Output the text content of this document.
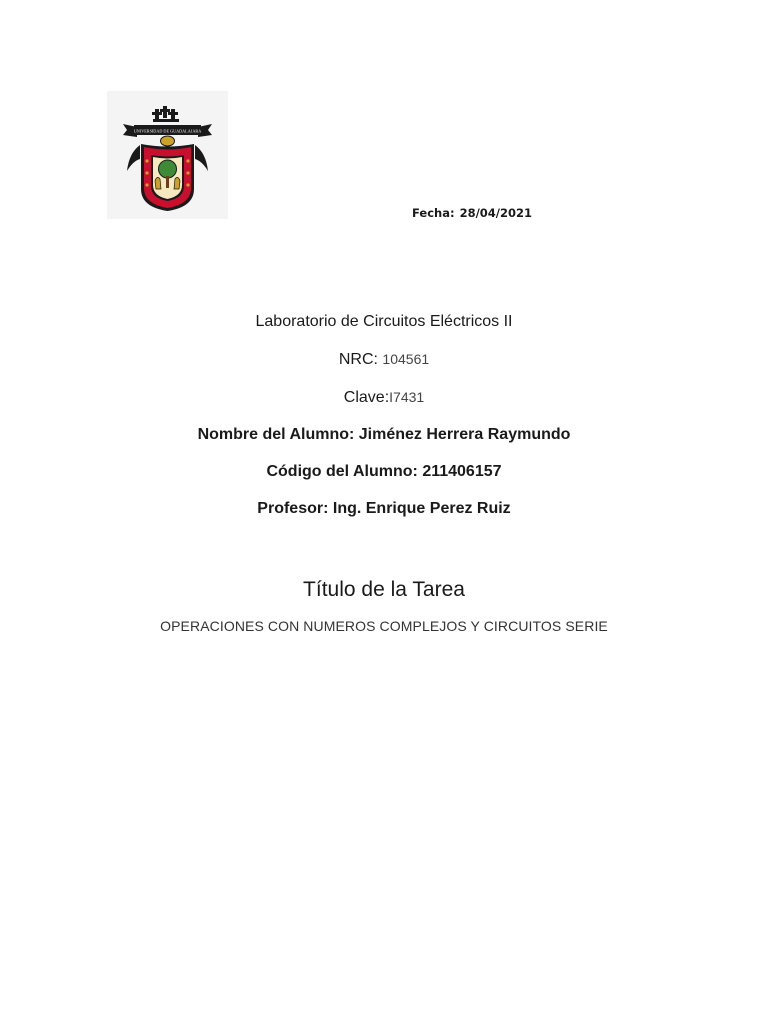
UNIVERSIDAD DE GUADALAJARA
Fecha: 28/04/2021
Laboratorio de Circuitos Eléctricos II
NRC: 104561
Clave:I7431
Nombre del Alumno: Jiménez Herrera Raymundo
Código del Alumno: 211406157
Profesor: Ing. Enrique Perez Ruiz
Título de la Tarea
OPERACIONES CON NUMEROS COMPLEJOS Y CIRCUITOS SERIE
